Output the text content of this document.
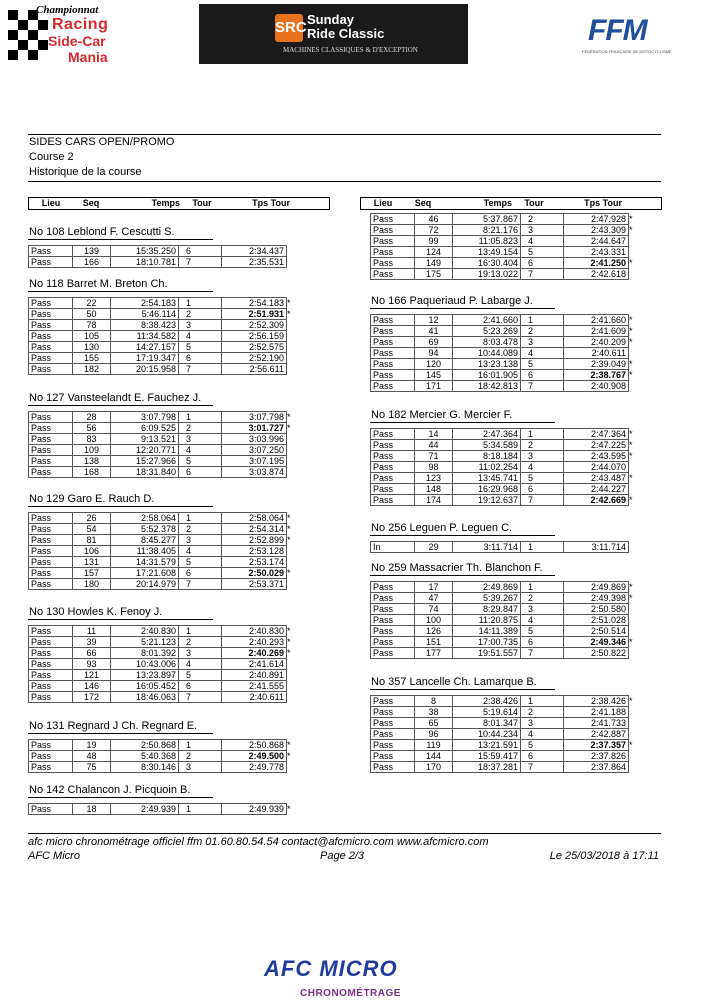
Championnat
Racing
Side-Car
Mania
SRC Sunday
Ride Classic
MACHINES CLASSIQUES & D'EXCEPTION
FFM
FÉDÉRATION FRANÇAISE DE MOTOCYCLISME
SIDES CARS OPEN/PROMO
Course 2
Historique de la course
Lieu	Seq	Temps	Tour	Tps Tour	Lieu	Seq	Temps	Tour	Tps Tour
No 108 Leblond F. Cescutti S.
Pass	139	15:35.250	6	2:34.437	
Pass	166	18:10.781	7	2:35.531	
No 118 Barret M. Breton Ch.
Pass	22	2:54.183	1	2:54.183	*
Pass	50	5:46.114	2	2:51.931	*
Pass	78	8:38.423	3	2:52.309	
Pass	105	11:34.582	4	2:56.159	
Pass	130	14:27.157	5	2:52.575	
Pass	155	17:19.347	6	2:52.190	
Pass	182	20:15.958	7	2:56.611	
No 127 Vansteelandt E. Fauchez J.
Pass	28	3:07.798	1	3:07.798	*
Pass	56	6:09.525	2	3:01.727	*
Pass	83	9:13.521	3	3:03.996	
Pass	109	12:20.771	4	3:07.250	
Pass	138	15:27.966	5	3:07.195	
Pass	168	18:31.840	6	3:03.874	
No 129 Garo E. Rauch D.
Pass	26	2:58.064	1	2:58.064	*
Pass	54	5:52.378	2	2:54.314	*
Pass	81	8:45.277	3	2:52.899	*
Pass	106	11:38.405	4	2:53.128	
Pass	131	14:31.579	5	2:53.174	
Pass	157	17:21.608	6	2:50.029	*
Pass	180	20:14.979	7	2:53.371	
No 130 Howles K. Fenoy J.
Pass	11	2:40.830	1	2:40.830	*
Pass	39	5:21.123	2	2:40.293	*
Pass	66	8:01.392	3	2:40.269	*
Pass	93	10:43.006	4	2:41.614	
Pass	121	13:23.897	5	2:40.891	
Pass	146	16:05.452	6	2:41.555	
Pass	172	18:46.063	7	2:40.611	
No 131 Regnard J Ch. Regnard E.
Pass	19	2:50.868	1	2:50.868	*
Pass	48	5:40.368	2	2:49.500	*
Pass	75	8:30.146	3	2:49.778	
No 142 Chalancon J. Picquoin B.
Pass	18	2:49.939	1	2:49.939	*
Pass	46	5:37.867	2	2:47.928	*
Pass	72	8:21.176	3	2:43.309	*
Pass	99	11:05.823	4	2:44.647	
Pass	124	13:49.154	5	2:43.331	
Pass	149	16:30.404	6	2:41.250	*
Pass	175	19:13.022	7	2:42.618	
No 166 Paqueriaud P. Labarge J.
Pass	12	2:41.660	1	2:41.660	*
Pass	41	5:23.269	2	2:41.609	*
Pass	69	8:03.478	3	2:40.209	*
Pass	94	10:44.089	4	2:40.611	
Pass	120	13:23.138	5	2:39.049	*
Pass	145	16:01.905	6	2:38.767	*
Pass	171	18:42.813	7	2:40.908	
No 182 Mercier G. Mercier F.
Pass	14	2:47.364	1	2:47.364	*
Pass	44	5:34.589	2	2:47.225	*
Pass	71	8:18.184	3	2:43.595	*
Pass	98	11:02.254	4	2:44.070	
Pass	123	13:45.741	5	2:43.487	*
Pass	148	16:29.968	6	2:44.227	
Pass	174	19:12.637	7	2:42.669	*
No 256 Leguen P. Leguen C.
In	29	3:11.714	1	3:11.714	
No 259 Massacrier Th. Blanchon F.
Pass	17	2:49.869	1	2:49.869	*
Pass	47	5:39.267	2	2:49.398	*
Pass	74	8:29.847	3	2:50.580	
Pass	100	11:20.875	4	2:51.028	
Pass	126	14:11.389	5	2:50.514	
Pass	151	17:00.735	6	2:49.346	*
Pass	177	19:51.557	7	2:50.822	
No 357 Lancelle Ch. Lamarque B.
Pass	8	2:38.426	1	2:38.426	*
Pass	38	5:19.614	2	2:41.188	
Pass	65	8:01.347	3	2:41.733	
Pass	96	10:44.234	4	2:42.887	
Pass	119	13:21.591	5	2:37.357	*
Pass	144	15:59.417	6	2:37.826	
Pass	170	18:37.281	7	2:37.864	
afc micro chronométrage officiel ffm 01.60.80.54.54 contact@afcmicro.com www.afcmicro.com
AFC Micro	Page 2/3	Le 25/03/2018 à 17:11
AFC MICRO
CHRONOMÉTRAGE
